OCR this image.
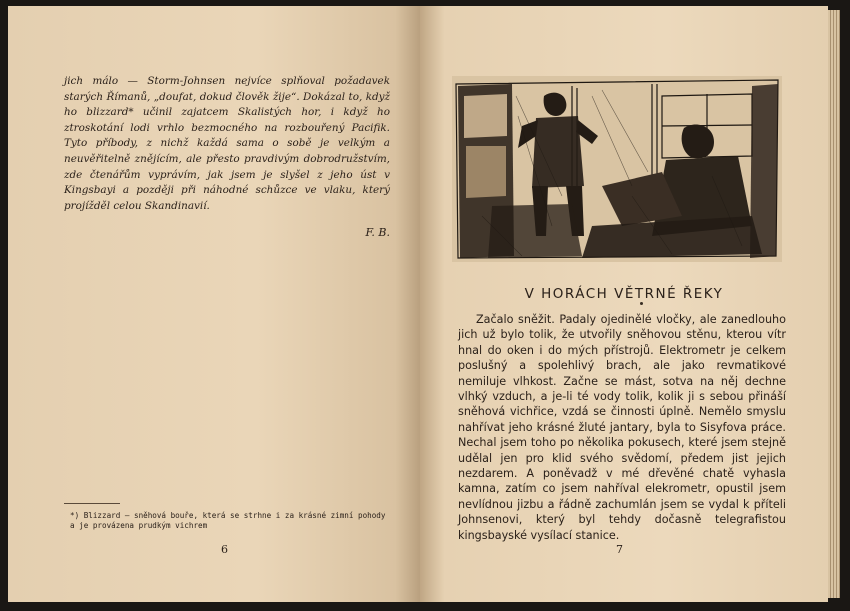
jich málo — Storm-Johnsen nejvíce splňoval požadavek starých Římanů, „doufat, dokud člověk žije“. Dokázal to, když ho blizzard* učinil zajatcem Skalistých hor, i když ho ztroskotání lodi vrhlo bezmocného na rozbouřený Pacifik. Tyto příbody, z nichž každá sama o sobě je velkým a neuvěřitelně znějícím, ale přesto pravdivým dobrodružstvím, zde čtenářům vyprávím, jak jsem je slyšel z jeho úst v Kingsbayi a později při náhodné schůzce ve vlaku, který projížděl celou Skandinavií.

F. B.

*) Blizzard — sněhová bouře, která se strhne i za krásné zimní pohody a je provázena prudkým vichrem

6

V HORÁCH VĚTRNÉ ŘEKY

Začalo sněžit. Padaly ojedinělé vločky, ale zanedlouho jich už bylo tolik, že utvořily sněhovou stěnu, kterou vítr hnal do oken i do mých přístrojů. Elektrometr je celkem poslušný a spolehlivý brach, ale jako revmatikové nemiluje vlhkost. Začne se mást, sotva na něj dechne vlhký vzduch, a je-li té vody tolik, kolik ji s sebou přináší sněhová vichřice, vzdá se činnosti úplně. Nemělo smyslu nahřívat jeho krásné žluté jantary, byla to Sisyfova práce. Nechal jsem toho po několika pokusech, které jsem stejně udělal jen pro klid svého svědomí, předem jist jejich nezdarem. A poněvadž v mé dřevěné chatě vyhasla kamna, zatím co jsem nahříval elekrometr, opustil jsem nevlídnou jizbu a řádně zachumlán jsem se vydal k příteli Johnsenovi, který byl tehdy dočasně telegrafistou kingsbayské vysílací stanice.

7
